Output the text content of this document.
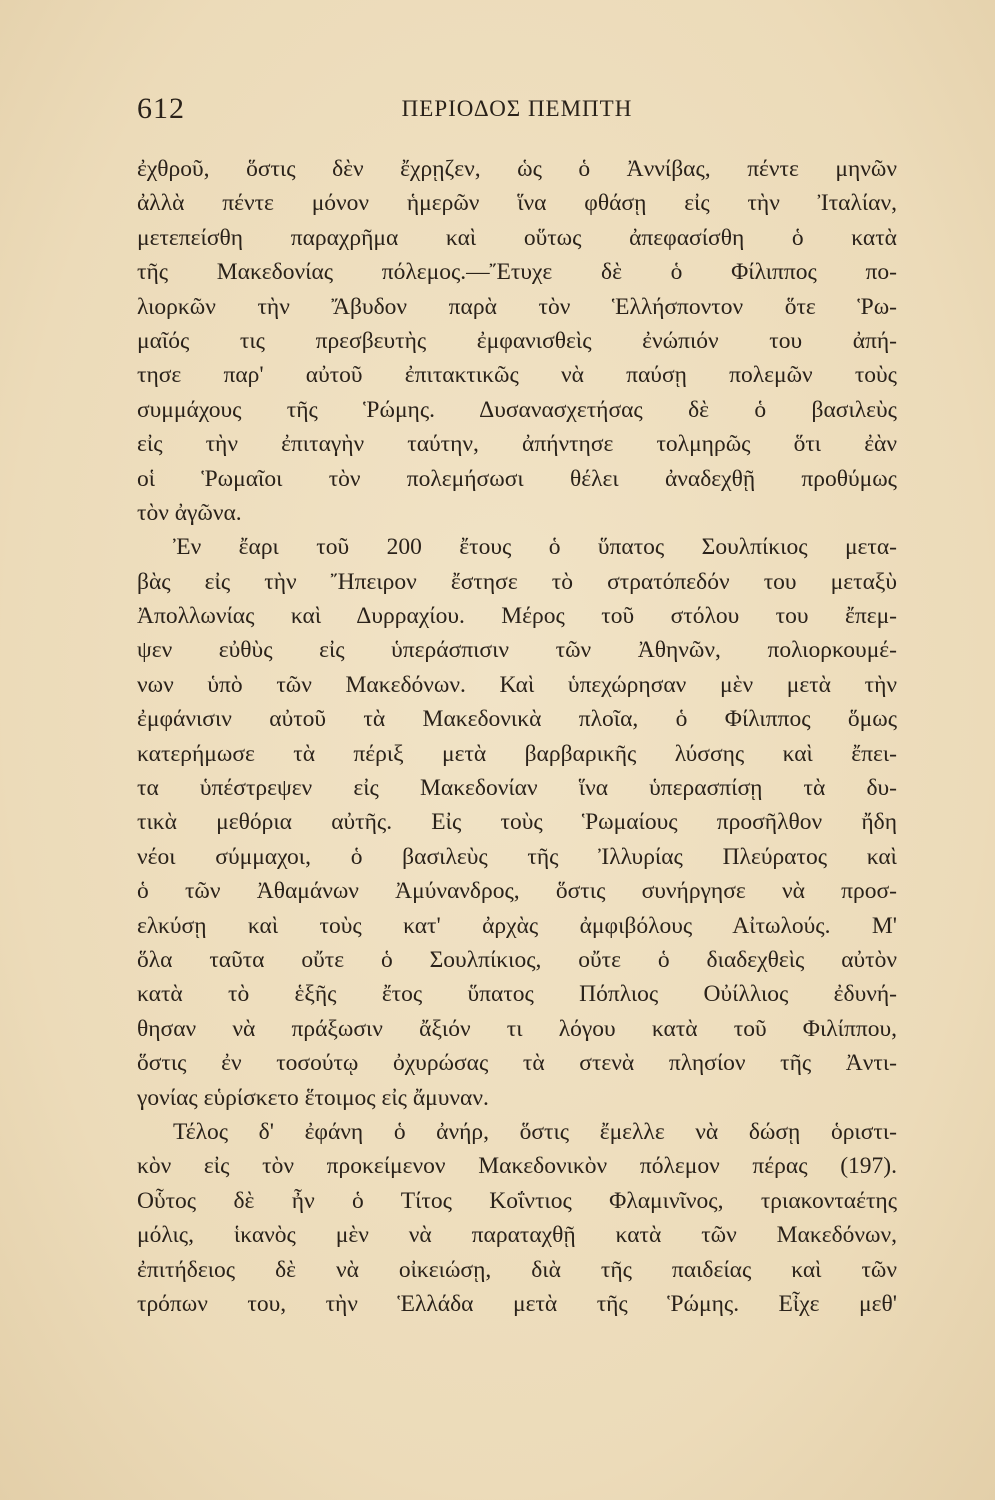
612	ΠΕΡΙΟΔΟΣ ΠΕΜΠΤΗ
ἐχθροῦ, ὅστις δὲν ἔχρῃζεν, ὡς ὁ Ἀννίβας, πέντε μηνῶν
ἀλλὰ πέντε μόνον ἡμερῶν ἵνα φθάσῃ εἰς τὴν Ἰταλίαν,
μετεπείσθη παραχρῆμα καὶ οὕτως ἀπεφασίσθη ὁ κατὰ
τῆς Μακεδονίας πόλεμος.—Ἔτυχε δὲ ὁ Φίλιππος πο-
λιορκῶν τὴν Ἄβυδον παρὰ τὸν Ἑλλήσποντον ὅτε Ῥω-
μαῖός τις πρεσβευτὴς ἐμφανισθεὶς ἐνώπιόν του ἀπή-
τησε παρ' αὐτοῦ ἐπιτακτικῶς νὰ παύσῃ πολεμῶν τοὺς
συμμάχους τῆς Ῥώμης. Δυσανασχετήσας δὲ ὁ βασιλεὺς
εἰς τὴν ἐπιταγὴν ταύτην, ἀπήντησε τολμηρῶς ὅτι ἐὰν
οἱ Ῥωμαῖοι τὸν πολεμήσωσι θέλει ἀναδεχθῇ προθύμως
τὸν ἀγῶνα.
Ἐν ἔαρι τοῦ 200 ἔτους ὁ ὕπατος Σουλπίκιος μετα-
βὰς εἰς τὴν Ἤπειρον ἔστησε τὸ στρατόπεδόν του μεταξὺ
Ἀπολλωνίας καὶ Δυρραχίου. Μέρος τοῦ στόλου του ἔπεμ-
ψεν εὐθὺς εἰς ὑπεράσπισιν τῶν Ἀθηνῶν, πολιορκουμέ-
νων ὑπὸ τῶν Μακεδόνων. Καὶ ὑπεχώρησαν μὲν μετὰ τὴν
ἐμφάνισιν αὐτοῦ τὰ Μακεδονικὰ πλοῖα, ὁ Φίλιππος ὅμως
κατερήμωσε τὰ πέριξ μετὰ βαρβαρικῆς λύσσης καὶ ἔπει-
τα ὑπέστρεψεν εἰς Μακεδονίαν ἵνα ὑπερασπίσῃ τὰ δυ-
τικὰ μεθόρια αὐτῆς. Εἰς τοὺς Ῥωμαίους προσῆλθον ἤδη
νέοι σύμμαχοι, ὁ βασιλεὺς τῆς Ἰλλυρίας Πλεύρατος καὶ
ὁ τῶν Ἀθαμάνων Ἀμύνανδρος, ὅστις συνήργησε νὰ προσ-
ελκύσῃ καὶ τοὺς κατ' ἀρχὰς ἀμφιβόλους Αἰτωλούς. Μ'
ὅλα ταῦτα οὔτε ὁ Σουλπίκιος, οὔτε ὁ διαδεχθεὶς αὐτὸν
κατὰ τὸ ἑξῆς ἔτος ὕπατος Πόπλιος Οὐίλλιος ἐδυνή-
θησαν νὰ πράξωσιν ἄξιόν τι λόγου κατὰ τοῦ Φιλίππου,
ὅστις ἐν τοσούτῳ ὀχυρώσας τὰ στενὰ πλησίον τῆς Ἀντι-
γονίας εὑρίσκετο ἕτοιμος εἰς ἄμυναν.
Τέλος δ' ἐφάνη ὁ ἀνήρ, ὅστις ἔμελλε νὰ δώσῃ ὁριστι-
κὸν εἰς τὸν προκείμενον Μακεδονικὸν πόλεμον πέρας (197).
Οὗτος δὲ ἦν ὁ Τίτος Κοΐντιος Φλαμινῖνος, τριακονταέτης
μόλις, ἱκανὸς μὲν νὰ παραταχθῇ κατὰ τῶν Μακεδόνων,
ἐπιτήδειος δὲ νὰ οἰκειώσῃ, διὰ τῆς παιδείας καὶ τῶν
τρόπων του, τὴν Ἑλλάδα μετὰ τῆς Ῥώμης. Εἶχε μεθ'
